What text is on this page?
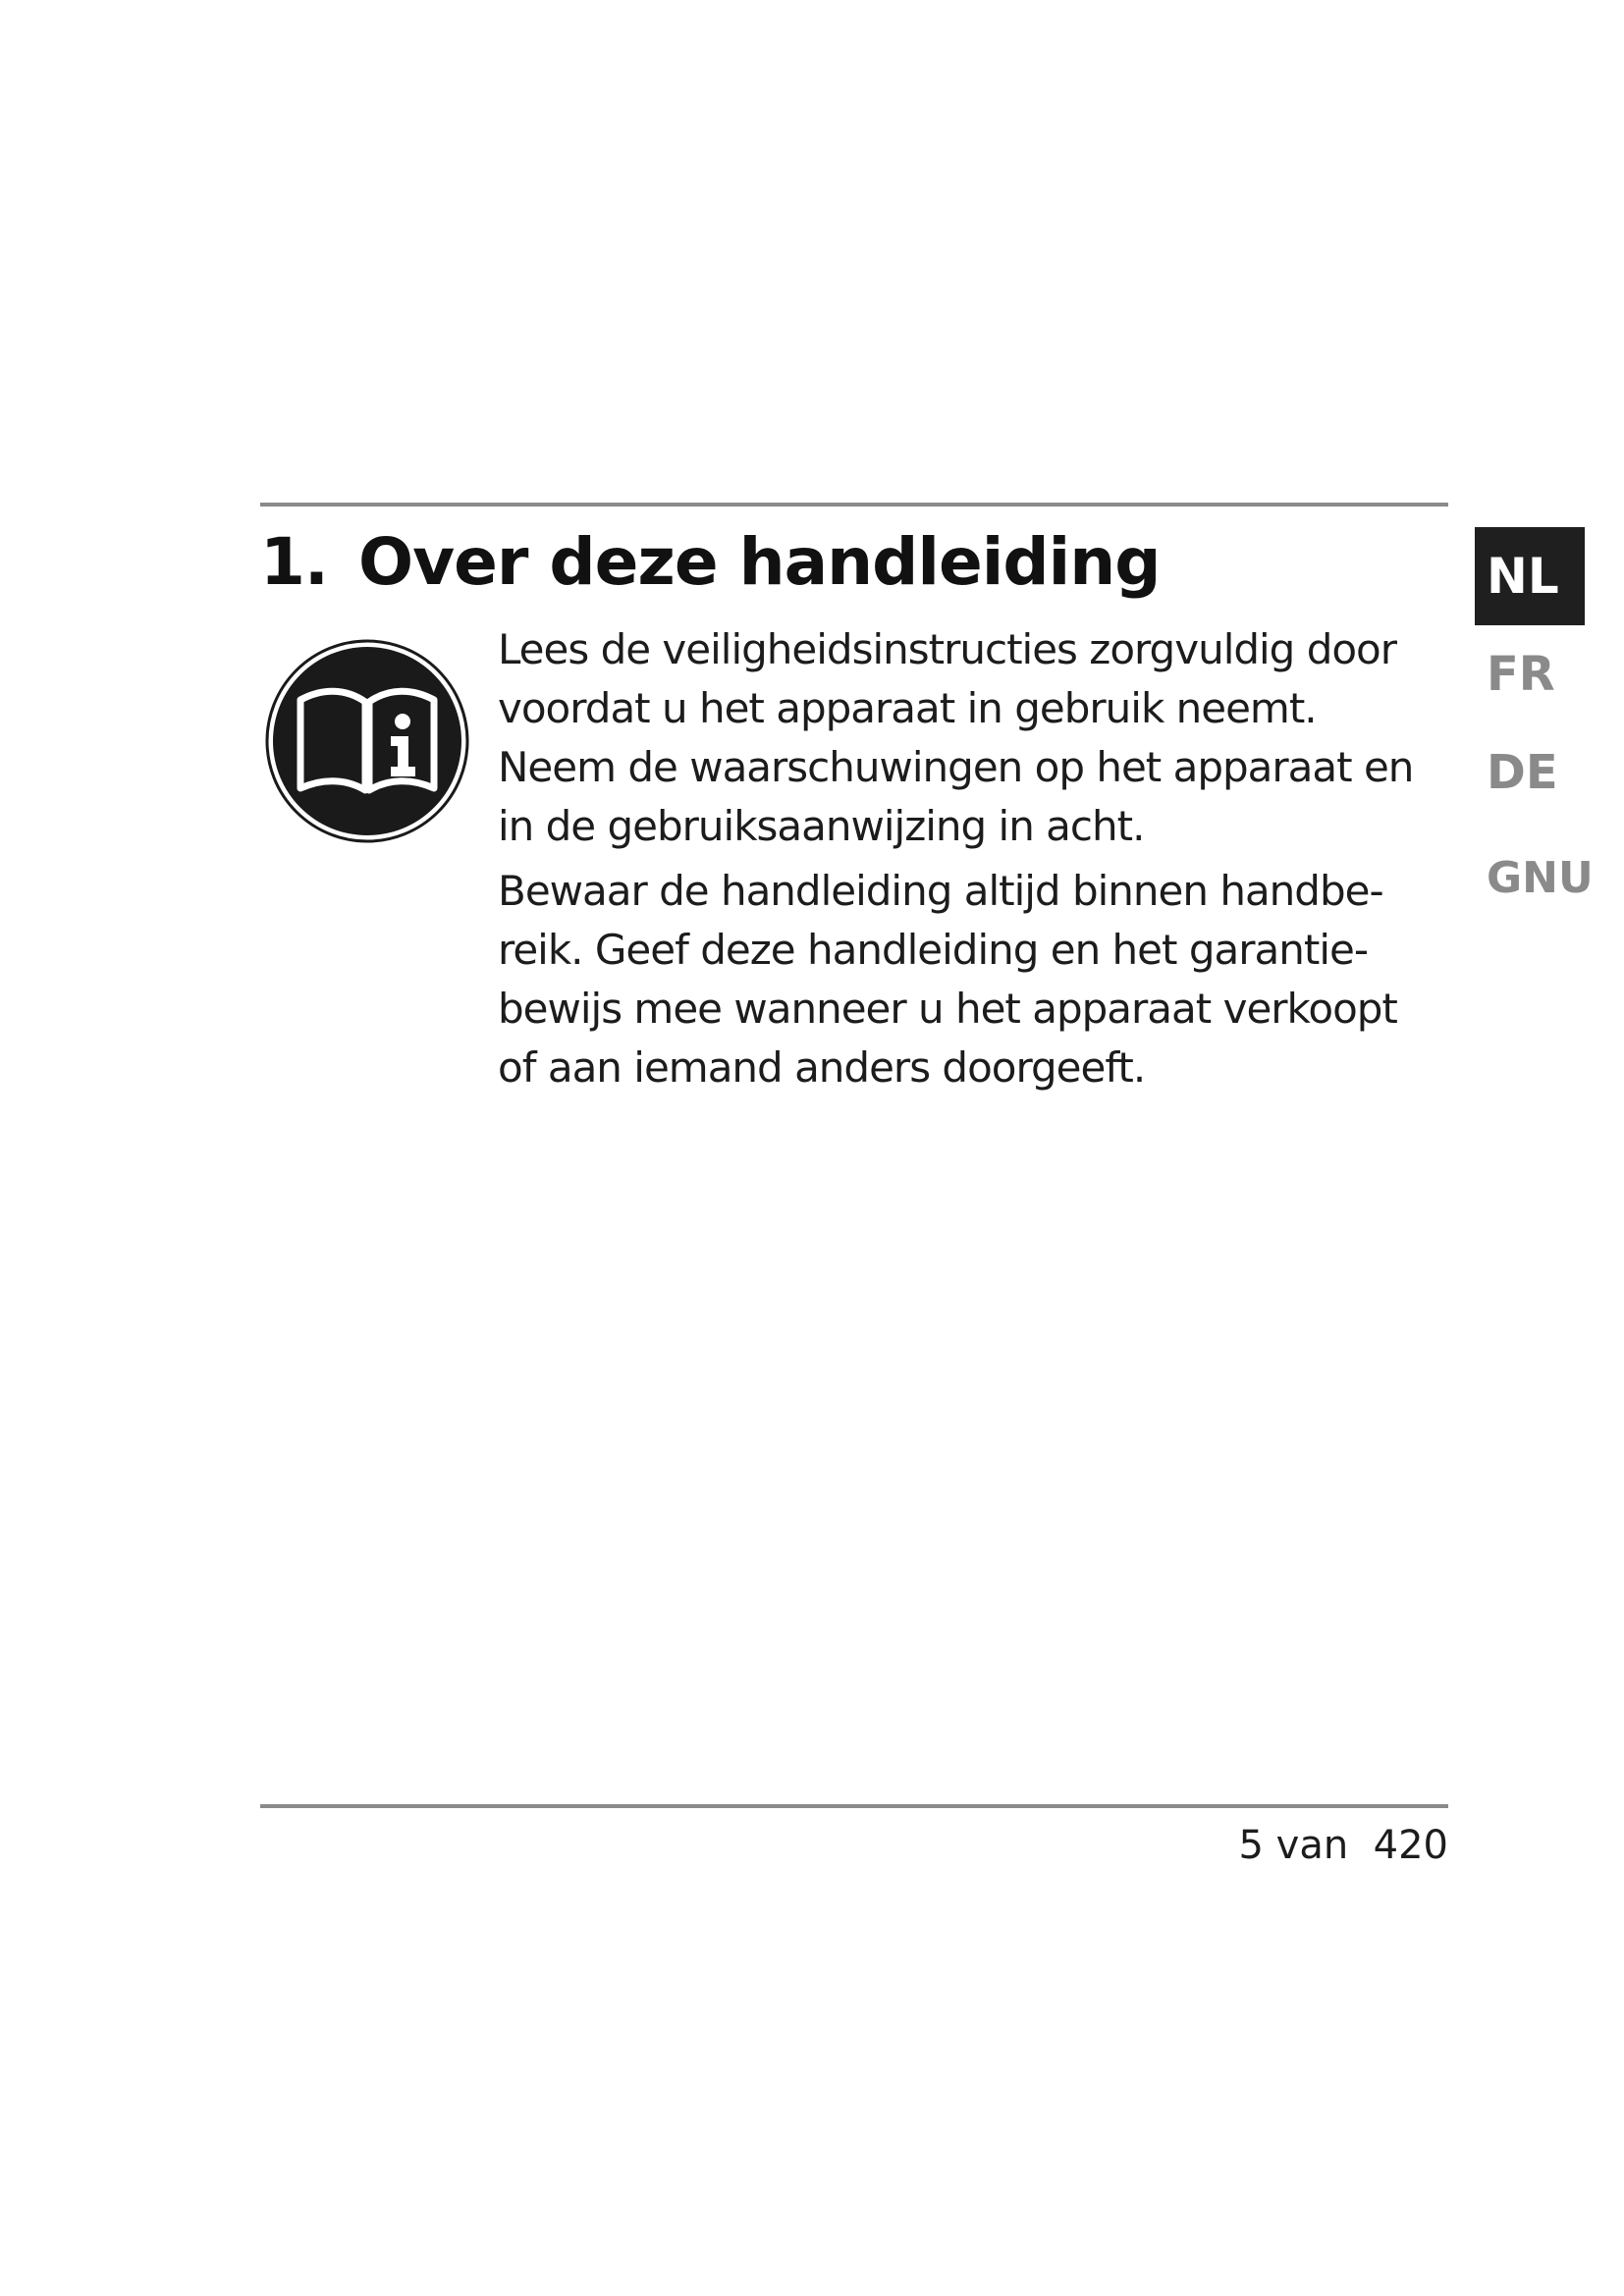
1. Over deze handleiding

Lees de veiligheidsinstructies zorgvuldig door
voordat u het apparaat in gebruik neemt.
Neem de waarschuwingen op het apparaat en
in de gebruiksaanwijzing in acht.

Bewaar de handleiding altijd binnen handbe-
reik. Geef deze handleiding en het garantie-
bewijs mee wanneer u het apparaat verkoopt
of aan iemand anders doorgeeft.

NL
FR
DE
GNU
5 van  420
